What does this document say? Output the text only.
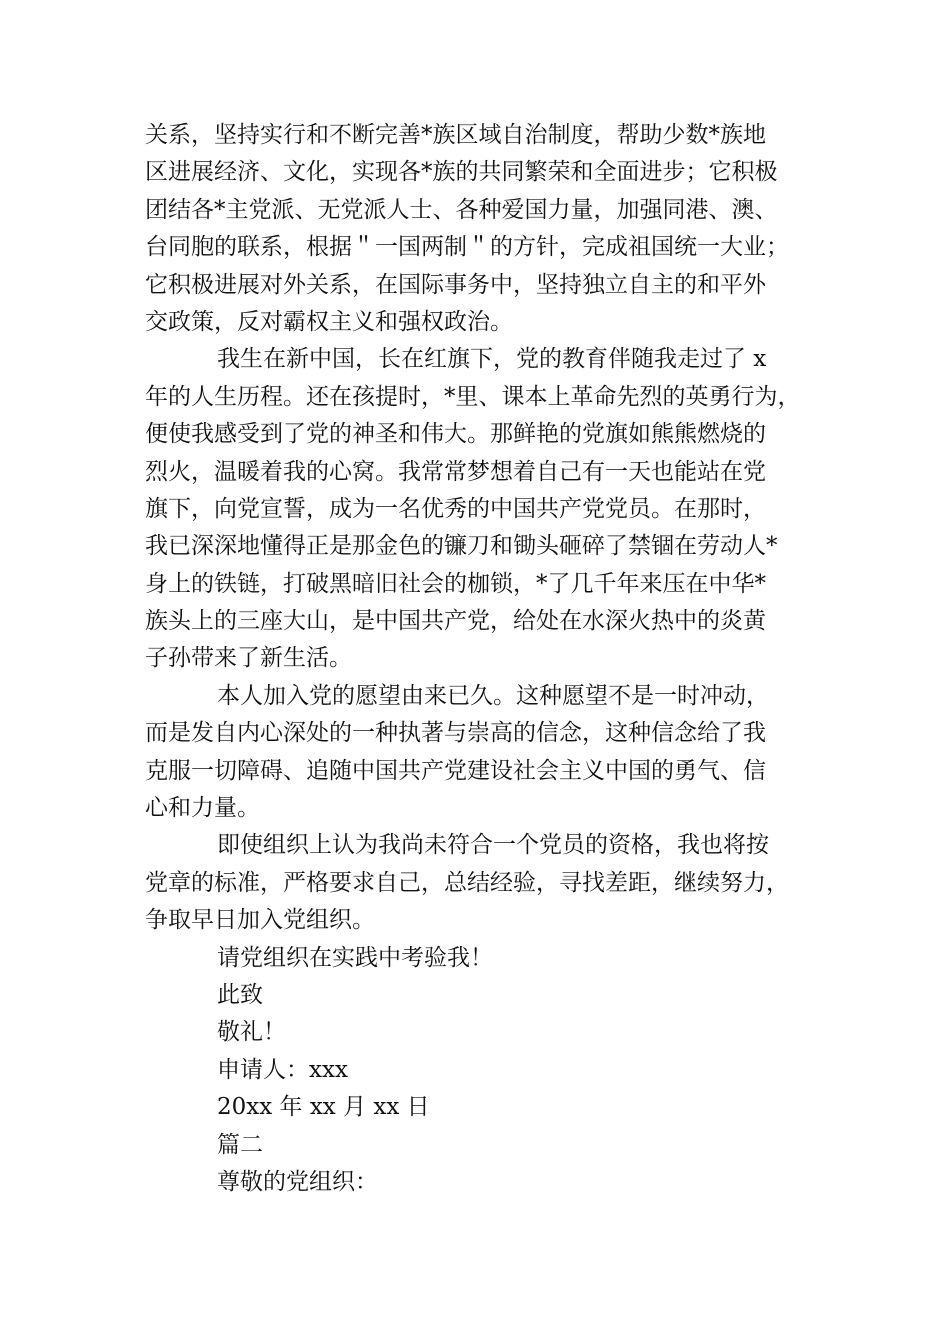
关系，坚持实行和不断完善*族区域自治制度，帮助少数*族地
区进展经济、文化，实现各*族的共同繁荣和全面进步；它积极
团结各*主党派、无党派人士、各种爱国力量，加强同港、澳、
台同胞的联系，根据＂一国两制＂的方针，完成祖国统一大业；
它积极进展对外关系，在国际事务中，坚持独立自主的和平外
交政策，反对霸权主义和强权政治。
我生在新中国，长在红旗下，党的教育伴随我走过了 x
年的人生历程。还在孩提时，*里、课本上革命先烈的英勇行为，
便使我感受到了党的神圣和伟大。那鲜艳的党旗如熊熊燃烧的
烈火，温暖着我的心窝。我常常梦想着自己有一天也能站在党
旗下，向党宣誓，成为一名优秀的中国共产党党员。在那时，
我已深深地懂得正是那金色的镰刀和锄头砸碎了禁锢在劳动人*
身上的铁链，打破黑暗旧社会的枷锁，*了几千年来压在中华*
族头上的三座大山，是中国共产党，给处在水深火热中的炎黄
子孙带来了新生活。
本人加入党的愿望由来已久。这种愿望不是一时冲动，
而是发自内心深处的一种执著与崇高的信念，这种信念给了我
克服一切障碍、追随中国共产党建设社会主义中国的勇气、信
心和力量。
即使组织上认为我尚未符合一个党员的资格，我也将按
党章的标准，严格要求自己，总结经验，寻找差距，继续努力，
争取早日加入党组织。
请党组织在实践中考验我！
此致
敬礼！
申请人：xxx
20xx 年 xx 月 xx 日
篇二
尊敬的党组织：
